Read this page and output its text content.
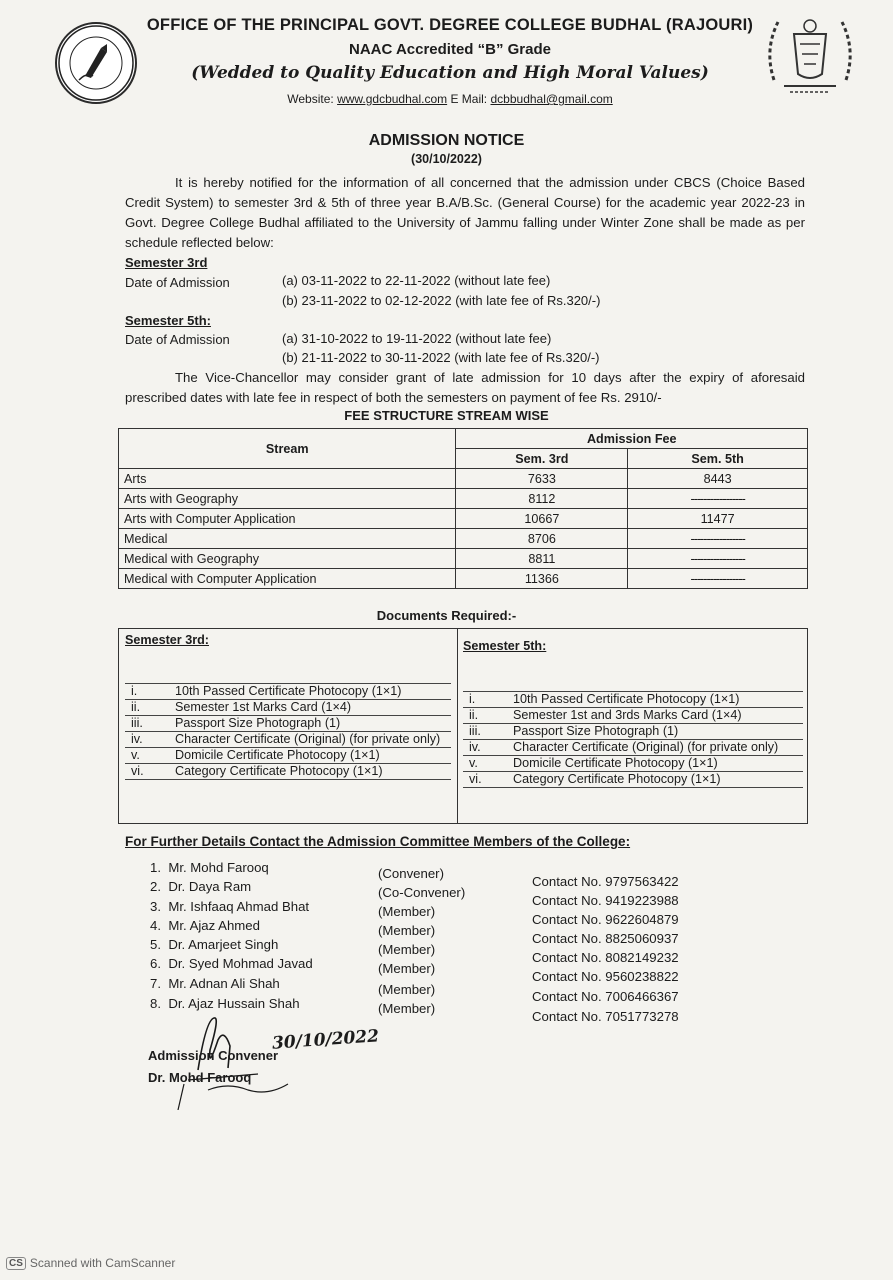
OFFICE OF THE PRINCIPAL GOVT. DEGREE COLLEGE BUDHAL (RAJOURI)
NAAC Accredited “B” Grade
(Wedded to Quality Education and High Moral Values)
Website: www.gdcbudhal.com E Mail: dcbbudhal@gmail.com
ADMISSION NOTICE
(30/10/2022)
It is hereby notified for the information of all concerned that the admission under CBCS (Choice Based Credit System) to semester 3rd & 5th of three year B.A/B.Sc. (General Course) for the academic year 2022-23 in Govt. Degree College Budhal affiliated to the University of Jammu falling under Winter Zone shall be made as per schedule reflected below:
Semester 3rd
Date of Admission	(a) 03-11-2022 to 22-11-2022 (without late fee)
(b) 23-11-2022 to 02-12-2022 (with late fee of Rs.320/-)
Semester 5th:
Date of Admission	(a) 31-10-2022 to 19-11-2022 (without late fee)
(b) 21-11-2022 to 30-11-2022 (with late fee of Rs.320/-)
The Vice-Chancellor may consider grant of late admission for 10 days after the expiry of aforesaid prescribed dates with late fee in respect of both the semesters on payment of fee Rs. 2910/-
FEE STRUCTURE STREAM WISE
Stream	Admission Fee	
	Sem. 3rd	Sem. 5th
Arts	7633	8443
Arts with Geography	8112	-----------------
Arts with Computer Application	10667	11477
Medical	8706	-----------------
Medical with Geography	8811	-----------------
Medical with Computer Application	11366	-----------------
Documents Required:-
Semester 3rd:	Semester 5th:
i.	10th Passed Certificate Photocopy (1×1)
ii.	Semester 1st Marks Card (1×4)
iii.	Passport Size Photograph (1)
iv.	Character Certificate (Original) (for private only)
v.	Domicile Certificate Photocopy (1×1)
vi.	Category Certificate Photocopy (1×1)
i.	10th Passed Certificate Photocopy (1×1)
ii.	Semester 1st and 3rds Marks Card (1×4)
iii.	Passport Size Photograph (1)
iv.	Character Certificate (Original) (for private only)
v.	Domicile Certificate Photocopy (1×1)
vi.	Category Certificate Photocopy (1×1)
For Further Details Contact the Admission Committee Members of the College:
1. Mr. Mohd Farooq	(Convener)
Contact No. 9797563422
2. Dr. Daya Ram	(Co-Convener)
Contact No. 9419223988
3. Mr. Ishfaaq Ahmad Bhat	(Member)
Contact No. 9622604879
4. Mr. Ajaz Ahmed	(Member)
Contact No. 8825060937
5. Dr. Amarjeet Singh	(Member)
Contact No. 8082149232
6. Dr. Syed Mohmad Javad	(Member)
Contact No. 9560238822
7. Mr. Adnan Ali Shah	(Member)	Contact No. 7006466367
8. Dr. Ajaz Hussain Shah	(Member)
Contact No. 7051773278
30/10/2022
Admission Convener
Dr. Mohd Farooq
CS Scanned with CamScanner
